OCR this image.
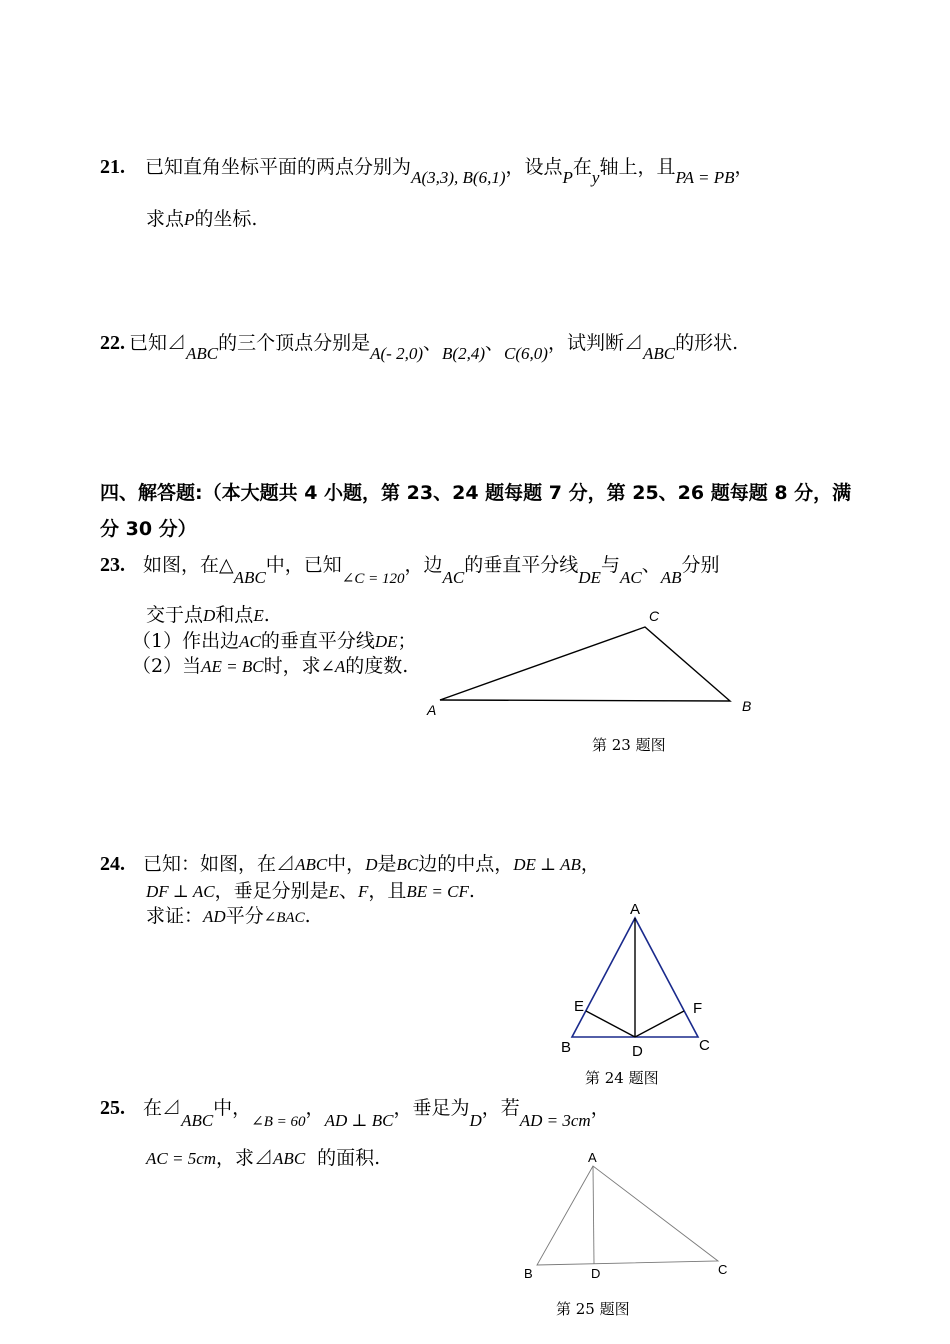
21. 已知直角坐标平面的两点分别为A(3,3), B(6,1)，设点P在y轴上，且PA = PB，
求点P的坐标.
22. 已知⊿ABC的三个顶点分别是A(- 2,0)、B(2,4)、C(6,0)，试判断⊿ABC的形状.
四、解答题:（本大题共 4 小题，第 23、24 题每题 7 分，第 25、26 题每题 8 分，满
分 30 分）
23. 如图，在△ABC中，已知$_{\angle C = 120}$，边AC的垂直平分线DE与AC、AB分别
交于点D和点E.
（1）作出边AC的垂直平分线DE；
（2）当AE = BC时，求∠A的度数.
A	B
C
第 23 题图
24. 已知：如图，在⊿ABC中，D是BC边的中点，DE ⊥ AB，
DF ⊥ AC，垂足分别是E、F，且BE = CF.
求证：AD平分∠BAC.	A
B	C
D
E	F
第 24 题图
25. 在⊿ABC中，$_{\angle B = 60}$，AD ⊥ BC，垂足为D，若AD = 3cm，
AC = 5cm，求⊿ABC 的面积.	A
B	C
D
第 25 题图
